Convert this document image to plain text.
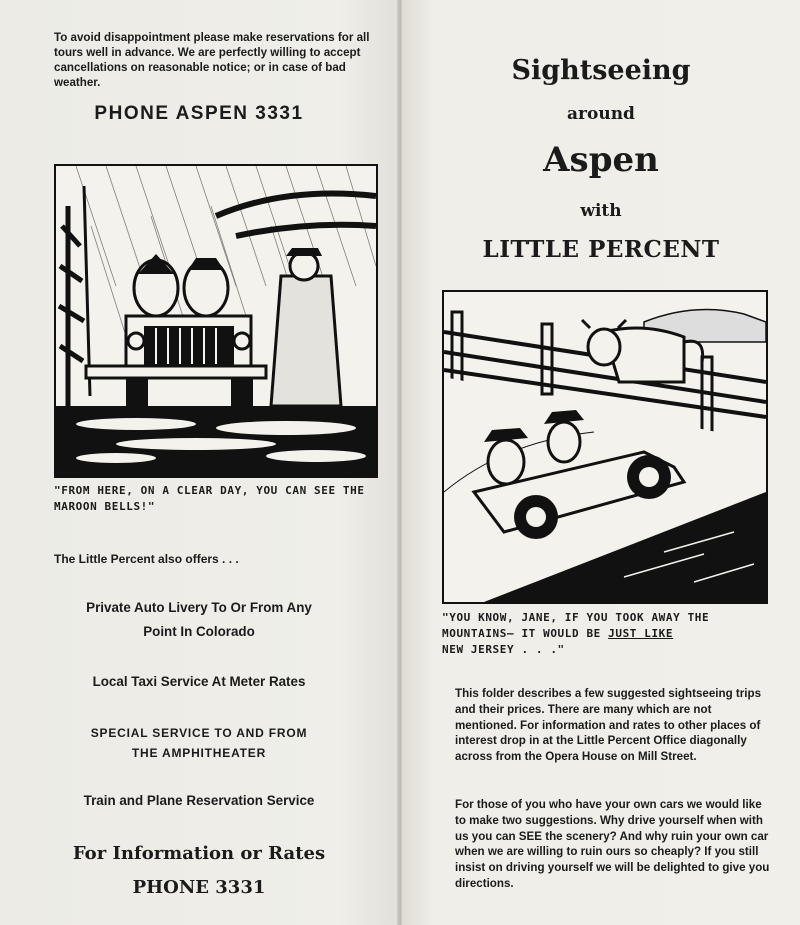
To avoid disappointment please make reservations for all tours well in advance. We are perfectly willing to accept cancellations on reasonable notice; or in case of bad weather.
PHONE ASPEN 3331
"FROM HERE, ON A CLEAR DAY, YOU CAN SEE THE MAROON BELLS!"
The Little Percent also offers . . .
Private Auto Livery To Or From Any
Point In Colorado
Local Taxi Service At Meter Rates
SPECIAL SERVICE TO AND FROM
THE AMPHITHEATER
Train and Plane Reservation Service
For Information or Rates
PHONE 3331
Sightseeing
around
Aspen
with
LITTLE PERCENT
"YOU KNOW, JANE, IF YOU TOOK AWAY THE
MOUNTAINS— IT WOULD BE JUST LIKE
NEW JERSEY . . ."
This folder describes a few suggested sightseeing trips and their prices. There are many which are not mentioned. For information and rates to other places of interest drop in at the Little Percent Office diagonally across from the Opera House on Mill Street.
For those of you who have your own cars we would like to make two suggestions. Why drive yourself when with us you can SEE the scenery? And why ruin your own car when we are willing to ruin ours so cheaply? If you still insist on driving yourself we will be delighted to give you directions.
